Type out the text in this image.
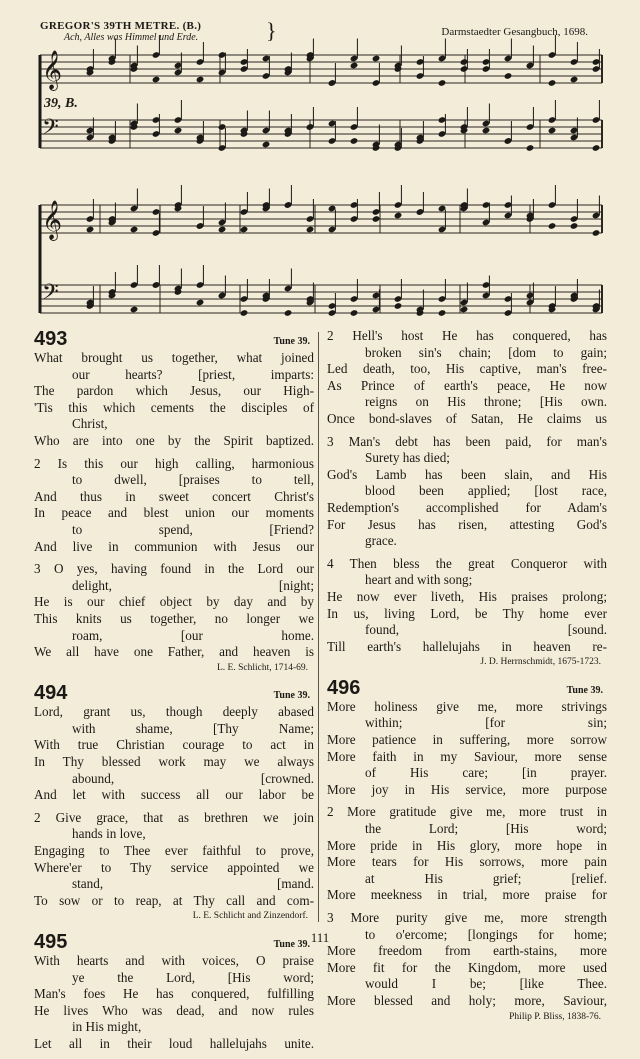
GREGOR'S 39TH METRE. (B.)
Ach, Alles was Himmel und Erde.	}	Darmstaedter Gesangbuch, 1698.
39, B.
𝄞
𝄢
𝄞
𝄢
493	Tune 39.
What brought us together, what joined
our hearts? [priest, imparts:
The pardon which Jesus, our High-
'Tis this which cements the disciples of
Christ,
Who are into one by the Spirit baptized.
2 Is this our high calling, harmonious
to dwell, [praises to tell,
And thus in sweet concert Christ's
In peace and blest union our moments
to spend, [Friend?
And live in communion with Jesus our
3 O yes, having found in the Lord our
delight, [night;
He is our chief object by day and by
This knits us together, no longer we
roam, [our home.
We all have one Father, and heaven is
L. E. Schlicht, 1714-69.
494	Tune 39.
Lord, grant us, though deeply abased
with shame, [Thy Name;
With true Christian courage to act in
In Thy blessed work may we always
abound, [crowned.
And let with success all our labor be
2 Give grace, that as brethren we join
hands in love,
Engaging to Thee ever faithful to prove,
Where'er to Thy service appointed we
stand, [mand.
To sow or to reap, at Thy call and com-
L. E. Schlicht and Zinzendorf.
495	Tune 39.
With hearts and with voices, O praise
ye the Lord, [His word;
Man's foes He has conquered, fulfilling
He lives Who was dead, and now rules
in His might,
Let all in their loud hallelujahs unite.
2 Hell's host He has conquered, has
broken sin's chain; [dom to gain;
Led death, too, His captive, man's free-
As Prince of earth's peace, He now
reigns on His throne; [His own.
Once bond-slaves of Satan, He claims us
3 Man's debt has been paid, for man's
Surety has died;
God's Lamb has been slain, and His
blood been applied; [lost race,
Redemption's accomplished for Adam's
For Jesus has risen, attesting God's
grace.
4 Then bless the great Conqueror with
heart and with song;
He now ever liveth, His praises prolong;
In us, living Lord, be Thy home ever
found, [sound.
Till earth's hallelujahs in heaven re-
J. D. Herrnschmidt, 1675-1723.
496	Tune 39.
More holiness give me, more strivings
within; [for sin;
More patience in suffering, more sorrow
More faith in my Saviour, more sense
of His care; [in prayer.
More joy in His service, more purpose
2 More gratitude give me, more trust in
the Lord; [His word;
More pride in His glory, more hope in
More tears for His sorrows, more pain
at His grief; [relief.
More meekness in trial, more praise for
3 More purity give me, more strength
to o'ercome; [longings for home;
More freedom from earth-stains, more
More fit for the Kingdom, more used
would I be; [like Thee.
More blessed and holy; more, Saviour,
Philip P. Bliss, 1838-76.
111
